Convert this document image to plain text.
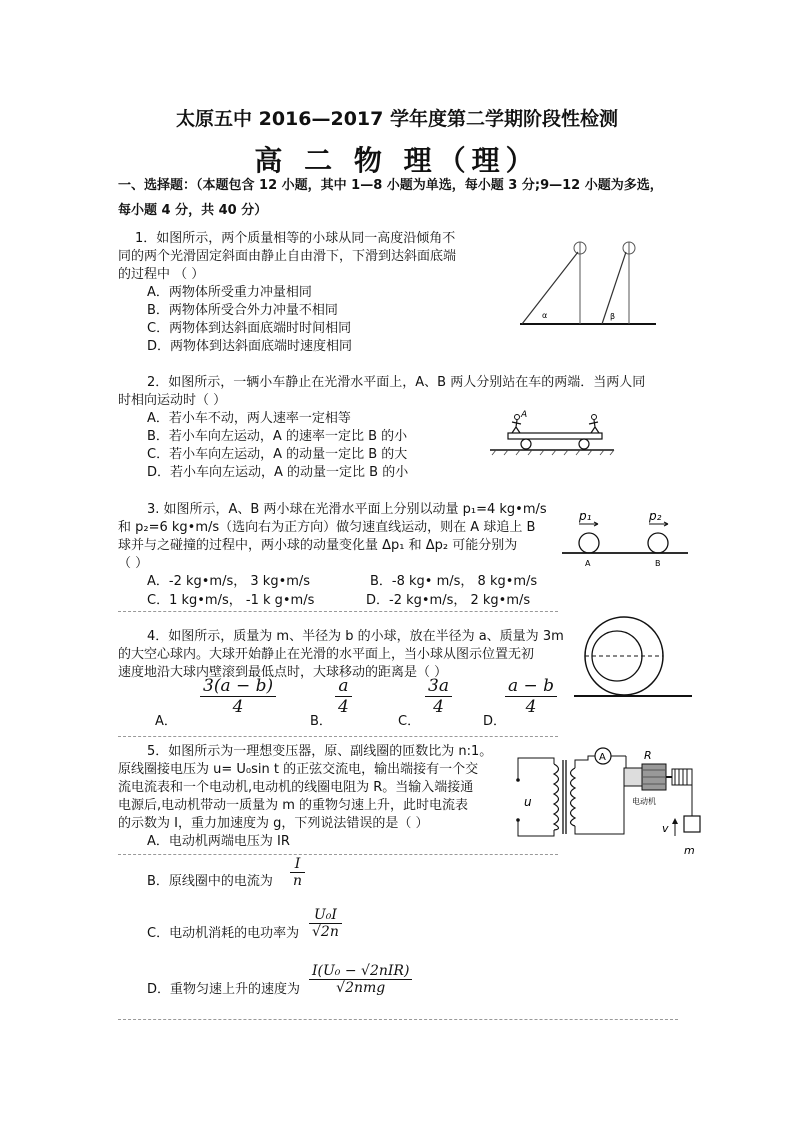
太原五中 2016—2017 学年度第二学期阶段性检测
高 二 物 理（理）
一、选择题：（本题包含 12 小题，其中 1—8 小题为单选，每小题 3 分;9—12 小题为多选，
每小题 4 分，共 40 分）
1．如图所示，两个质量相等的小球从同一高度沿倾角不
同的两个光滑固定斜面由静止自由滑下，下滑到达斜面底端
的过程中 （ ）
A．两物体所受重力冲量相同
B．两物体所受合外力冲量不相同
C．两物体到达斜面底端时时间相同
D．两物体到达斜面底端时速度相同
α	β
2．如图所示，一辆小车静止在光滑水平面上，A、B 两人分别站在车的两端．当两人同
时相向运动时（ ）
A．若小车不动，两人速率一定相等
B．若小车向左运动，A 的速率一定比 B 的小
C．若小车向左运动，A 的动量一定比 B 的大
D．若小车向左运动，A 的动量一定比 B 的小
A
3. 如图所示，A、B 两小球在光滑水平面上分别以动量 p₁=4 kg•m/s
和 p₂=6 kg•m/s（选向右为正方向）做匀速直线运动，则在 A 球追上 B
球并与之碰撞的过程中，两小球的动量变化量 Δp₁ 和 Δp₂ 可能分别为
（ ）
A．-2 kg•m/s， 3 kg•m/s	B．-8 kg• m/s， 8 kg•m/s
C．1 kg•m/s， -1 k g•m/s	D．-2 kg•m/s， 2 kg•m/s
p₁	p₂
A	B
4．如图所示，质量为 m、半径为 b 的小球，放在半径为 a、质量为 3m
的大空心球内。大球开始静止在光滑的水平面上，当小球从图示位置无初
速度地沿大球内壁滚到最低点时，大球移动的距离是（ ）
A．
3(a − b)
4
B．
a
4
C．
3a
4
D．
a − b
4
5．如图所示为一理想变压器，原、副线圈的匝数比为 n:1。
原线圈接电压为 u= U₀sin t 的正弦交流电，输出端接有一个交
流电流表和一个电动机,电动机的线圈电阻为 R。当输入端接通
电源后,电动机带动一质量为 m 的重物匀速上升，此时电流表
的示数为 I，重力加速度为 g，下列说法错误的是（ ）
A．电动机两端电压为 IR
B．原线圈中的电流为
I
n
C．电动机消耗的电功率为
U₀I
√2n
D．重物匀速上升的速度为
I(U₀ − √2nIR)
√2nmg
u
A	R
电动机
v
m
